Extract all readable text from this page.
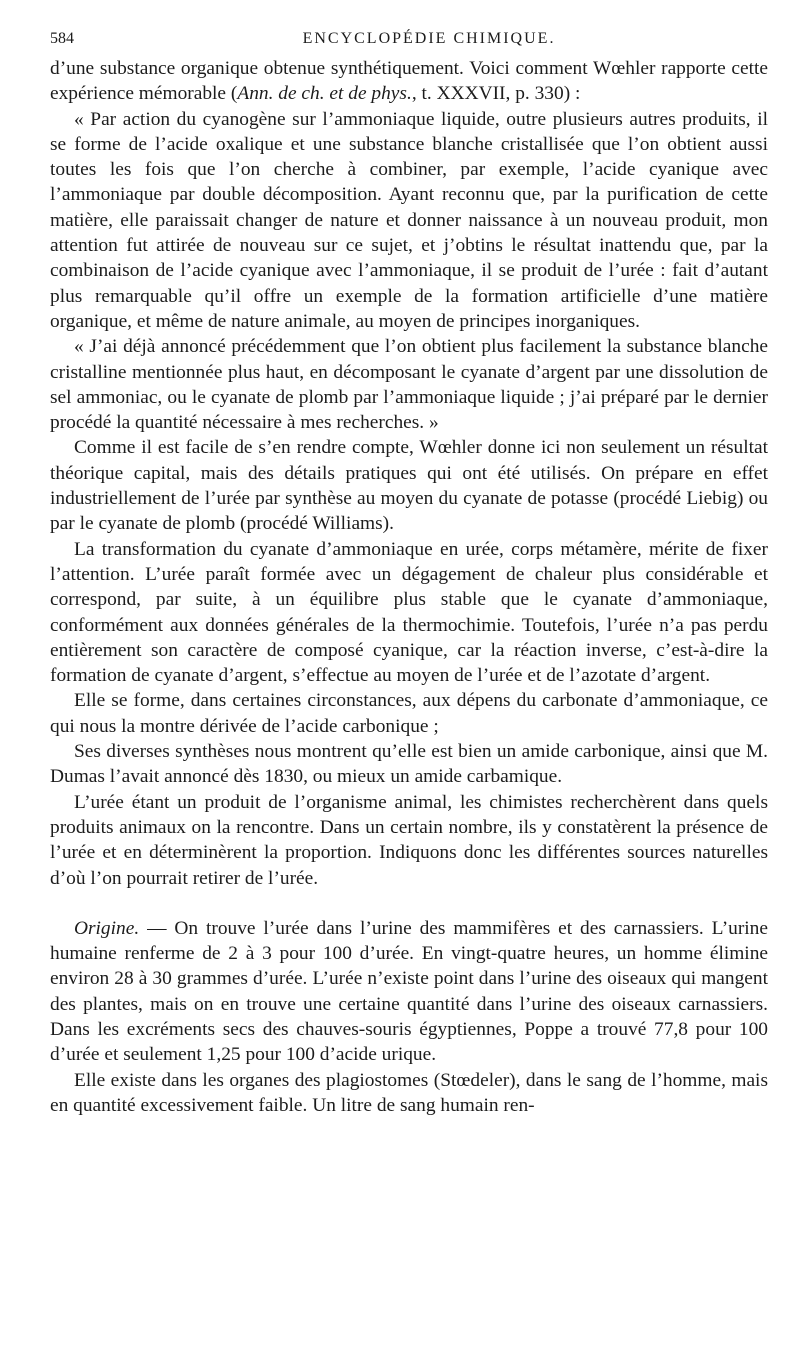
584	ENCYCLOPÉDIE CHIMIQUE.

d’une substance organique obtenue synthétiquement. Voici comment Wœhler rapporte cette expérience mémorable (Ann. de ch. et de phys., t. XXXVII, p. 330) :

« Par action du cyanogène sur l’ammoniaque liquide, outre plusieurs autres produits, il se forme de l’acide oxalique et une substance blanche cristallisée que l’on obtient aussi toutes les fois que l’on cherche à combiner, par exemple, l’acide cyanique avec l’ammoniaque par double décomposition. Ayant reconnu que, par la purification de cette matière, elle paraissait changer de nature et donner naissance à un nouveau produit, mon attention fut attirée de nouveau sur ce sujet, et j’obtins le résultat inattendu que, par la combinaison de l’acide cyanique avec l’ammoniaque, il se produit de l’urée : fait d’autant plus remarquable qu’il offre un exemple de la formation artificielle d’une matière organique, et même de nature animale, au moyen de principes inorganiques.

« J’ai déjà annoncé précédemment que l’on obtient plus facilement la substance blanche cristalline mentionnée plus haut, en décomposant le cyanate d’argent par une dissolution de sel ammoniac, ou le cyanate de plomb par l’ammoniaque liquide ; j’ai préparé par le dernier procédé la quantité nécessaire à mes recherches. »

Comme il est facile de s’en rendre compte, Wœhler donne ici non seulement un résultat théorique capital, mais des détails pratiques qui ont été utilisés. On prépare en effet industriellement de l’urée par synthèse au moyen du cyanate de potasse (procédé Liebig) ou par le cyanate de plomb (procédé Williams).

La transformation du cyanate d’ammoniaque en urée, corps métamère, mérite de fixer l’attention. L’urée paraît formée avec un dégagement de chaleur plus considérable et correspond, par suite, à un équilibre plus stable que le cyanate d’ammoniaque, conformément aux données générales de la thermochimie. Toutefois, l’urée n’a pas perdu entièrement son caractère de composé cyanique, car la réaction inverse, c’est-à-dire la formation de cyanate d’argent, s’effectue au moyen de l’urée et de l’azotate d’argent.

Elle se forme, dans certaines circonstances, aux dépens du carbonate d’ammoniaque, ce qui nous la montre dérivée de l’acide carbonique ;

Ses diverses synthèses nous montrent qu’elle est bien un amide carbonique, ainsi que M. Dumas l’avait annoncé dès 1830, ou mieux un amide carbamique.

L’urée étant un produit de l’organisme animal, les chimistes recherchèrent dans quels produits animaux on la rencontre. Dans un certain nombre, ils y constatèrent la présence de l’urée et en déterminèrent la proportion. Indiquons donc les différentes sources naturelles d’où l’on pourrait retirer de l’urée.

Origine. — On trouve l’urée dans l’urine des mammifères et des carnassiers. L’urine humaine renferme de 2 à 3 pour 100 d’urée. En vingt-quatre heures, un homme élimine environ 28 à 30 grammes d’urée. L’urée n’existe point dans l’urine des oiseaux qui mangent des plantes, mais on en trouve une certaine quantité dans l’urine des oiseaux carnassiers. Dans les excréments secs des chauves-souris égyptiennes, Poppe a trouvé 77,8 pour 100 d’urée et seulement 1,25 pour 100 d’acide urique.

Elle existe dans les organes des plagiostomes (Stœdeler), dans le sang de l’homme, mais en quantité excessivement faible. Un litre de sang humain ren-
